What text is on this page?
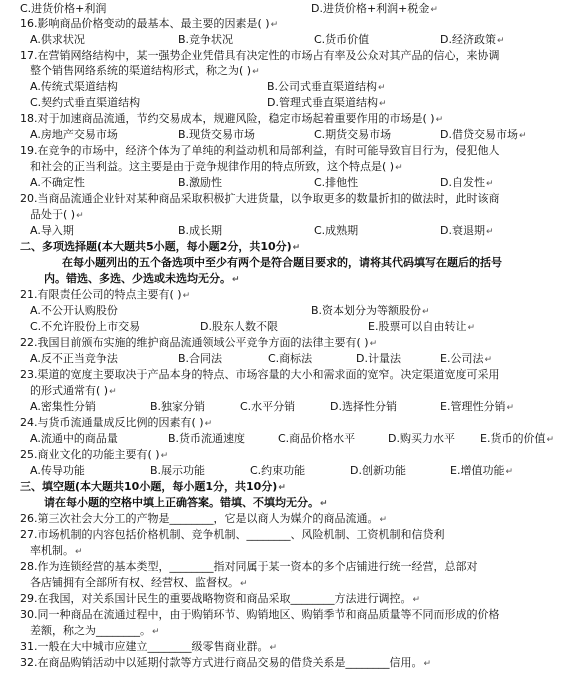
C.进货价格+利润	D.进货价格+利润+税金↵
16.影响商品价格变动的最基本、最主要的因素是( )↵
A.供求状况	B.竞争状况	C.货币价值	D.经济政策↵
17.在营销网络结构中，某一强势企业凭借具有决定性的市场占有率及公众对其产品的信心，来协调
整个销售网络系统的渠道结构形式，称之为( )↵
A.传统式渠道结构	B.公司式垂直渠道结构↵
C.契约式垂直渠道结构	D.管理式垂直渠道结构↵
18.对于加速商品流通，节约交易成本，规避风险，稳定市场起着重要作用的市场是( )↵
A.房地产交易市场	B.现货交易市场	C.期货交易市场	D.借贷交易市场↵
19.在竞争的市场中，经济个体为了单纯的利益动机和局部利益，有时可能导致盲目行为，侵犯他人
和社会的正当利益。这主要是由于竞争规律作用的特点所致，这个特点是( )↵
A.不确定性	B.激励性	C.排他性	D.自发性↵
20.当商品流通企业针对某种商品采取积极扩大进货量，以争取更多的数量折扣的做法时，此时该商
品处于( )↵
A.导入期	B.成长期	C.成熟期	D.衰退期↵
二、多项选择题(本大题共5小题，每小题2分，共10分)↵
在每小题列出的五个备选项中至少有两个是符合题目要求的，请将其代码填写在题后的括号
内。错选、多选、少选或未选均无分。↵
21.有限责任公司的特点主要有( )↵
A.不公开认购股份	B.资本划分为等额股份↵
C.不允许股份上市交易	D.股东人数不限	E.股票可以自由转让↵
22.我国目前颁布实施的维护商品流通领域公平竞争方面的法律主要有( )↵
A.反不正当竞争法	B.合同法	C.商标法	D.计量法	E.公司法↵
23.渠道的宽度主要取决于产品本身的特点、市场容量的大小和需求面的宽窄。决定渠道宽度可采用
的形式通常有( )↵
A.密集性分销	B.独家分销	C.水平分销	D.选择性分销	E.管理性分销↵
24.与货币流通量成反比例的因素有( )↵
A.流通中的商品量	B.货币流通速度	C.商品价格水平	D.购买力水平 E.货币的价值↵
25.商业文化的功能主要有( )↵
A.传导功能	B.展示功能	C.约束功能	D.创新功能	E.增值功能↵
三、填空题(本大题共10小题，每小题1分，共10分)↵
请在每小题的空格中填上正确答案。错填、不填均无分。↵
26.第三次社会大分工的产物是________，它是以商人为媒介的商品流通。↵
27.市场机制的内容包括价格机制、竞争机制、________、风险机制、工资机制和信贷利
率机制。↵
28.作为连锁经营的基本类型，________指对同属于某一资本的多个店铺进行统一经营，总部对
各店铺拥有全部所有权、经营权、监督权。↵
29.在我国，对关系国计民生的重要战略物资和商品采取________方法进行调控。↵
30.同一种商品在流通过程中，由于购销环节、购销地区、购销季节和商品质量等不同而形成的价格
差额，称之为________。↵
31.一般在大中城市应建立________级零售商业群。↵
32.在商品购销活动中以延期付款等方式进行商品交易的借贷关系是________信用。↵
